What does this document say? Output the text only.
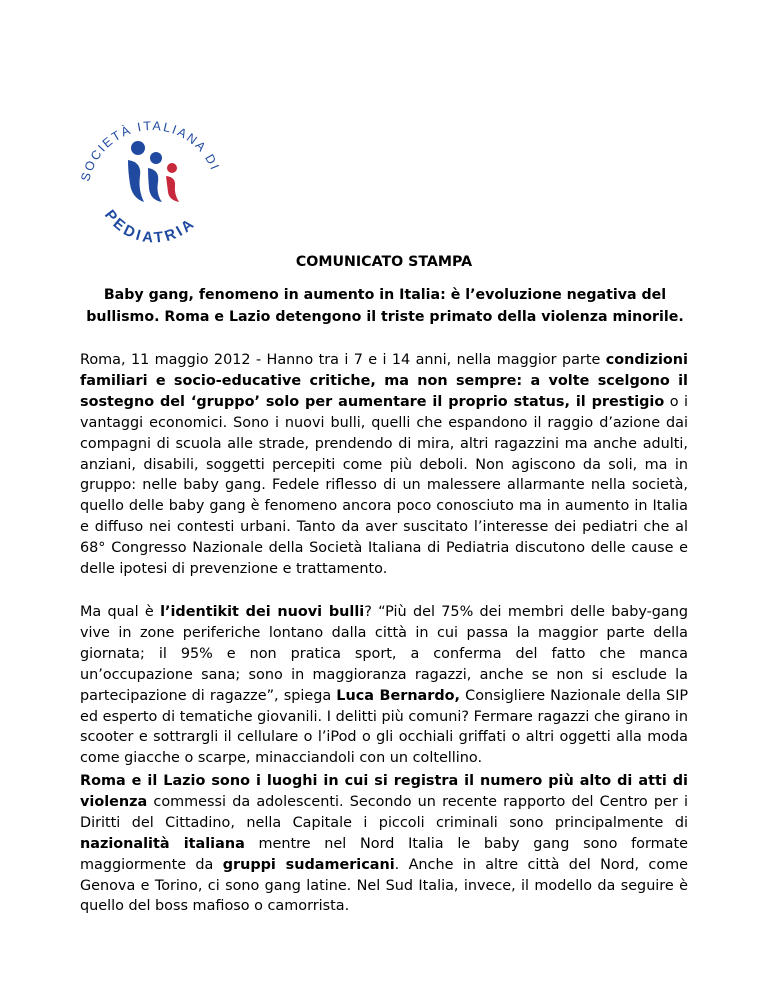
SOCIETÀ ITALIANA DI
PEDIATRIA
COMUNICATO STAMPA
Baby gang, fenomeno in aumento in Italia: è l’evoluzione negativa del bullismo. Roma e Lazio detengono il triste primato della violenza minorile.

Roma, 11 maggio 2012 - Hanno tra i 7 e i 14 anni, nella maggior parte condizioni familiari e socio-educative critiche, ma non sempre: a volte scelgono il sostegno del ‘gruppo’ solo per aumentare il proprio status, il prestigio o i vantaggi economici. Sono i nuovi bulli, quelli che espandono il raggio d’azione dai compagni di scuola alle strade, prendendo di mira, altri ragazzini ma anche adulti, anziani, disabili, soggetti percepiti come più deboli. Non agiscono da soli, ma in gruppo: nelle baby gang. Fedele riflesso di un malessere allarmante nella società, quello delle baby gang è fenomeno ancora poco conosciuto ma in aumento in Italia e diffuso nei contesti urbani. Tanto da aver suscitato l’interesse dei pediatri che al 68° Congresso Nazionale della Società Italiana di Pediatria discutono delle cause e delle ipotesi di prevenzione e trattamento.

Ma qual è l’identikit dei nuovi bulli? “Più del 75% dei membri delle baby-gang vive in zone periferiche lontano dalla città in cui passa la maggior parte della giornata; il 95% e non pratica sport, a conferma del fatto che manca un’occupazione sana; sono in maggioranza ragazzi, anche se non si esclude la partecipazione di ragazze”, spiega Luca Bernardo, Consigliere Nazionale della SIP ed esperto di tematiche giovanili. I delitti più comuni? Fermare ragazzi che girano in scooter e sottrargli il cellulare o l’iPod o gli occhiali griffati o altri oggetti alla moda come giacche o scarpe, minacciandoli con un coltellino.

Roma e il Lazio sono i luoghi in cui si registra il numero più alto di atti di violenza commessi da adolescenti. Secondo un recente rapporto del Centro per i Diritti del Cittadino, nella Capitale i piccoli criminali sono principalmente di nazionalità italiana mentre nel Nord Italia le baby gang sono formate maggiormente da gruppi sudamericani. Anche in altre città del Nord, come Genova e Torino, ci sono gang latine. Nel Sud Italia, invece, il modello da seguire è quello del boss mafioso o camorrista.
